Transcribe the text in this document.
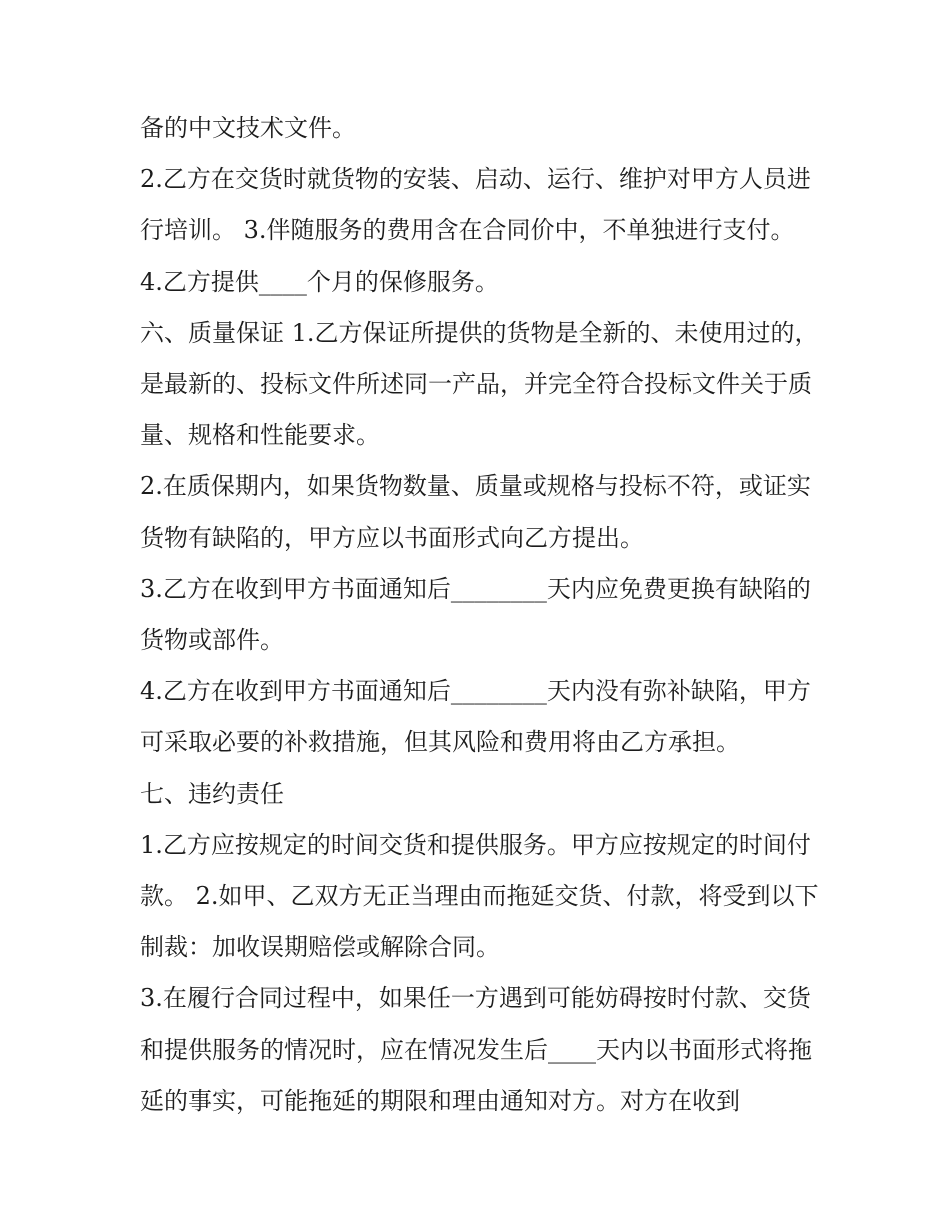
备的中文技术文件。

2.乙方在交货时就货物的安装、启动、运行、维护对甲方人员进行培训。 3.伴随服务的费用含在合同价中，不单独进行支付。 4.乙方提供____个月的保修服务。

六、质量保证 1.乙方保证所提供的货物是全新的、未使用过的，是最新的、投标文件所述同一产品，并完全符合投标文件关于质量、规格和性能要求。

2.在质保期内，如果货物数量、质量或规格与投标不符，或证实货物有缺陷的，甲方应以书面形式向乙方提出。

3.乙方在收到甲方书面通知后________天内应免费更换有缺陷的货物或部件。

4.乙方在收到甲方书面通知后________天内没有弥补缺陷，甲方可采取必要的补救措施，但其风险和费用将由乙方承担。

七、违约责任

1.乙方应按规定的时间交货和提供服务。甲方应按规定的时间付款。 2.如甲、乙双方无正当理由而拖延交货、付款，将受到以下制裁：加收误期赔偿或解除合同。

3.在履行合同过程中，如果任一方遇到可能妨碍按时付款、交货和提供服务的情况时，应在情况发生后____天内以书面形式将拖延的事实，可能拖延的期限和理由通知对方。对方在收到
